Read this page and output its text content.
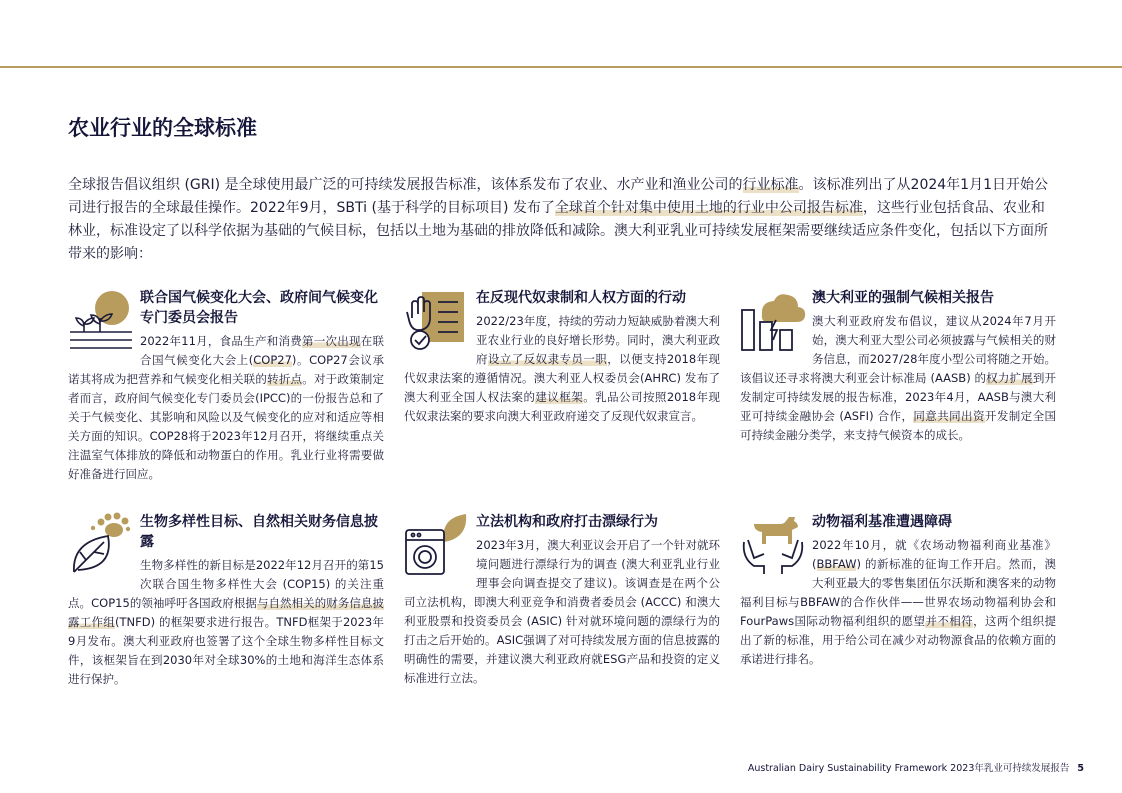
农业行业的全球标准

全球报告倡议组织 (GRI) 是全球使用最广泛的可持续发展报告标准，该体系发布了农业、水产业和渔业公司的行业标准。该标准列出了从2024年1月1日开始公司进行报告的全球最佳操作。2022年9月，SBTi (基于科学的目标项目) 发布了全球首个针对集中使用土地的行业中公司报告标准，这些行业包括食品、农业和林业，标准设定了以科学依据为基础的气候目标，包括以土地为基础的排放降低和减除。澳大利亚乳业可持续发展框架需要继续适应条件变化，包括以下方面所带来的影响：

联合国气候变化大会、政府间气候变化专门委员会报告

2022年11月，食品生产和消费第一次出现在联合国气候变化大会上(COP27)。COP27会议承诺其将成为把营养和气候变化相关联的转折点。对于政策制定者而言，政府间气候变化专门委员会(IPCC)的一份报告总和了关于气候变化、其影响和风险以及气候变化的应对和适应等相关方面的知识。COP28将于2023年12月召开，将继续重点关注温室气体排放的降低和动物蛋白的作用。乳业行业将需要做好准备进行回应。

在反现代奴隶制和人权方面的行动

2022/23年度，持续的劳动力短缺威胁着澳大利亚农业行业的良好增长形势。同时，澳大利亚政府设立了反奴隶专员一职，以便支持2018年现代奴隶法案的遵循情况。澳大利亚人权委员会(AHRC) 发布了澳大利亚全国人权法案的建议框架。乳品公司按照2018年现代奴隶法案的要求向澳大利亚政府递交了反现代奴隶宣言。

澳大利亚的强制气候相关报告

澳大利亚政府发布倡议，建议从2024年7月开始，澳大利亚大型公司必须披露与气候相关的财务信息，而2027/28年度小型公司将随之开始。该倡议还寻求将澳大利亚会计标准局 (AASB) 的权力扩展到开发制定可持续发展的报告标准，2023年4月，AASB与澳大利亚可持续金融协会 (ASFI) 合作，同意共同出资开发制定全国可持续金融分类学，来支持气候资本的成长。

生物多样性目标、自然相关财务信息披露

生物多样性的新目标是2022年12月召开的第15次联合国生物多样性大会 (COP15) 的关注重点。COP15的领袖呼吁各国政府根据与自然相关的财务信息披露工作组(TNFD) 的框架要求进行报告。TNFD框架于2023年9月发布。澳大利亚政府也签署了这个全球生物多样性目标文件，该框架旨在到2030年对全球30%的土地和海洋生态体系进行保护。

立法机构和政府打击漂绿行为

2023年3月，澳大利亚议会开启了一个针对就环境问题进行漂绿行为的调查 (澳大利亚乳业行业理事会向调查提交了建议)。该调查是在两个公司立法机构，即澳大利亚竞争和消费者委员会 (ACCC) 和澳大利亚股票和投资委员会 (ASIC) 针对就环境问题的漂绿行为的打击之后开始的。ASIC强调了对可持续发展方面的信息披露的明确性的需要，并建议澳大利亚政府就ESG产品和投资的定义标准进行立法。

动物福利基准遭遇障碍

2022年10月，就《农场动物福利商业基准》(BBFAW) 的新标准的征询工作开启。然而，澳大利亚最大的零售集团伍尔沃斯和澳客来的动物福利目标与BBFAW的合作伙伴——世界农场动物福利协会和FourPaws国际动物福利组织的愿望并不相符，这两个组织提出了新的标准，用于给公司在减少对动物源食品的依赖方面的承诺进行排名。

Australian Dairy Sustainability Framework 2023年乳业可持续发展报告 5
